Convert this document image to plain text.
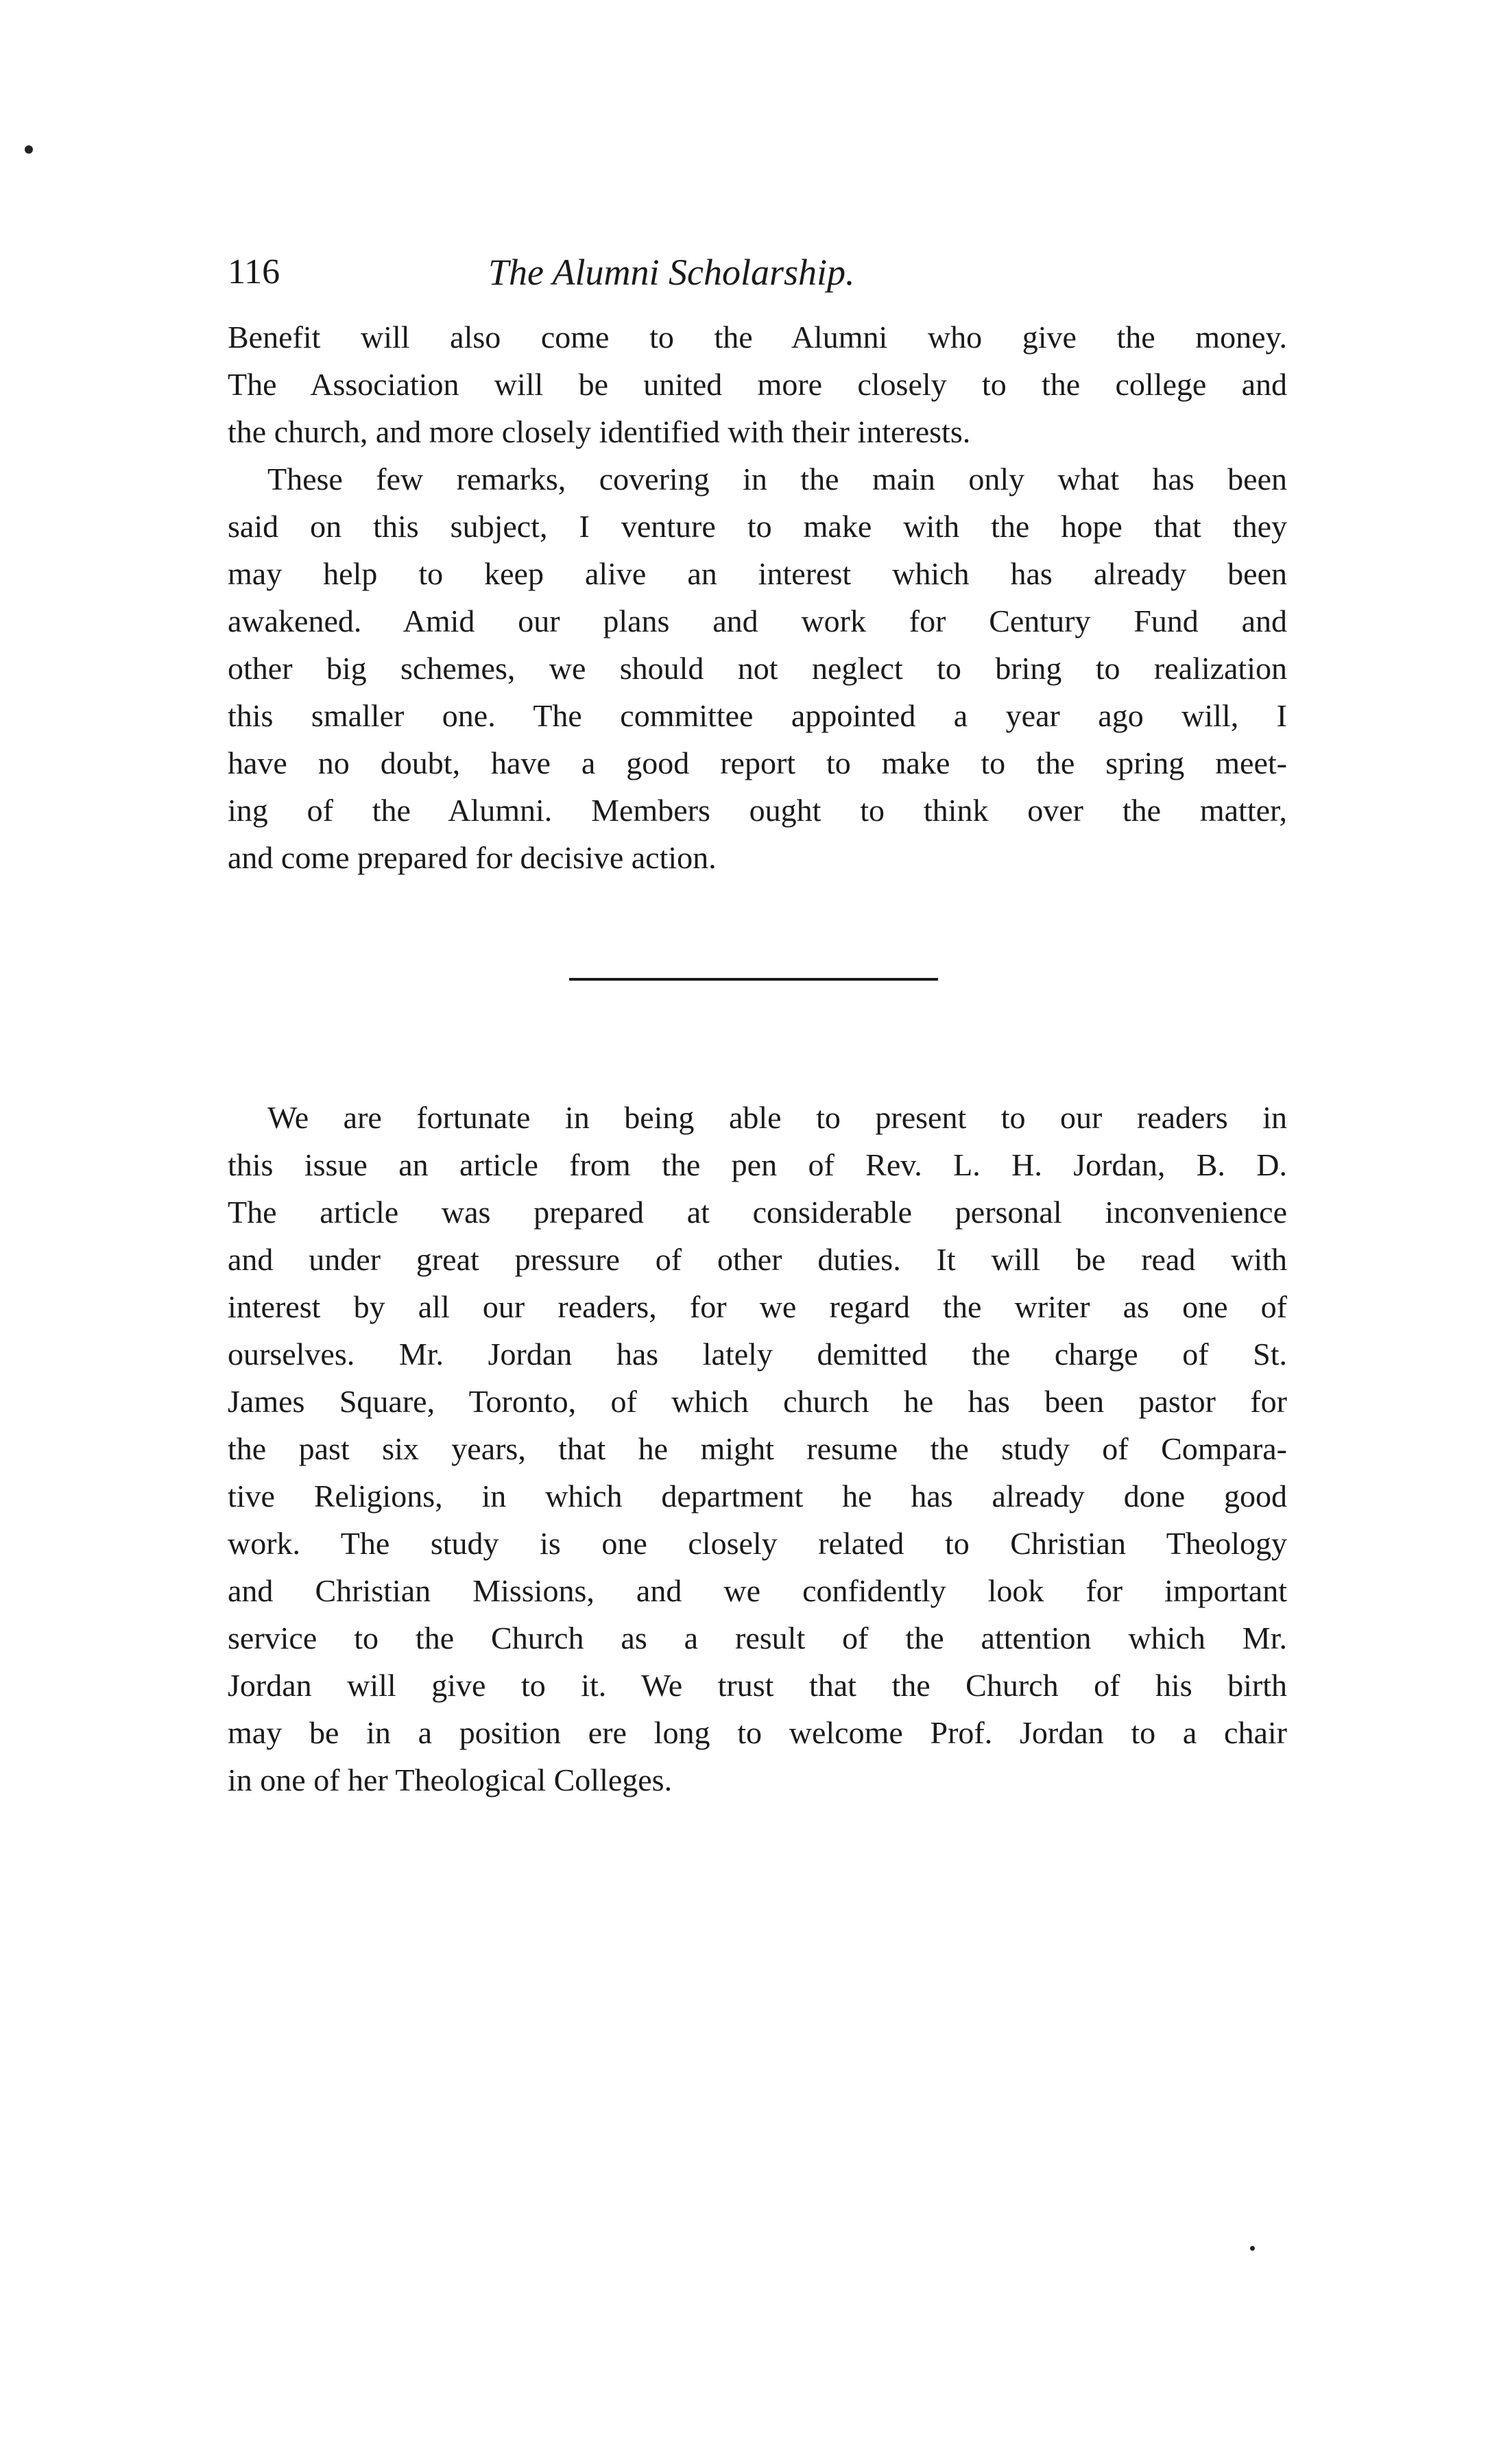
116	The Alumni Scholarship.
Benefit will also come to the Alumni who give the money.
The Association will be united more closely to the college and
the church, and more closely identified with their interests.
These few remarks, covering in the main only what has been
said on this subject, I venture to make with the hope that they
may help to keep alive an interest which has already been
awakened. Amid our plans and work for Century Fund and
other big schemes, we should not neglect to bring to realization
this smaller one. The committee appointed a year ago will, I
have no doubt, have a good report to make to the spring meet-
ing of the Alumni. Members ought to think over the matter,
and come prepared for decisive action.
We are fortunate in being able to present to our readers in
this issue an article from the pen of Rev. L. H. Jordan, B. D.
The article was prepared at considerable personal inconvenience
and under great pressure of other duties. It will be read with
interest by all our readers, for we regard the writer as one of
ourselves. Mr. Jordan has lately demitted the charge of St.
James Square, Toronto, of which church he has been pastor for
the past six years, that he might resume the study of Compara-
tive Religions, in which department he has already done good
work. The study is one closely related to Christian Theology
and Christian Missions, and we confidently look for important
service to the Church as a result of the attention which Mr.
Jordan will give to it. We trust that the Church of his birth
may be in a position ere long to welcome Prof. Jordan to a chair
in one of her Theological Colleges.
